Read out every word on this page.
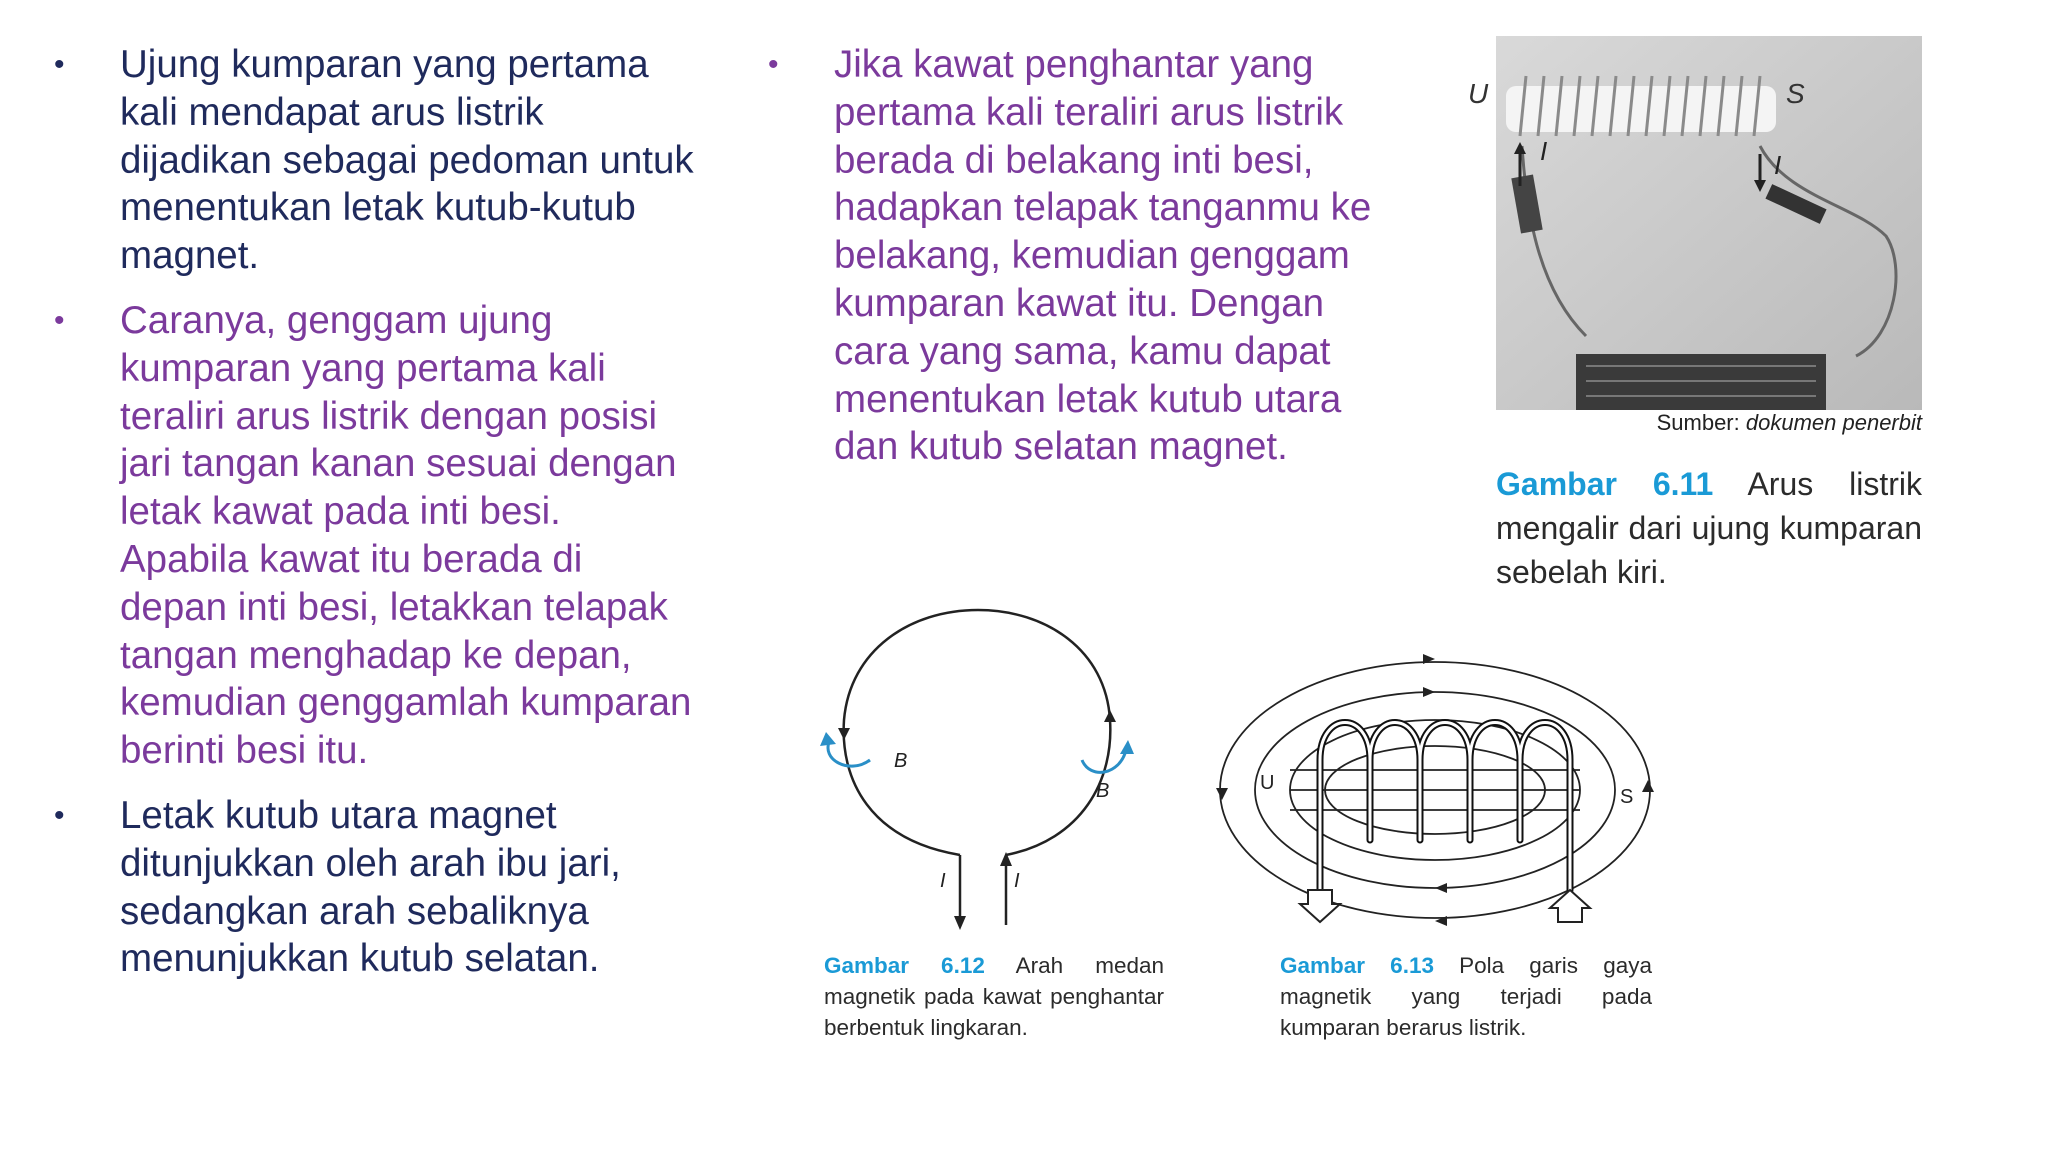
• Ujung kumparan yang pertama kali mendapat arus listrik dijadikan sebagai pedoman untuk menentukan letak kutub-kutub magnet.
• Caranya, genggam ujung kumparan yang pertama kali teraliri arus listrik dengan posisi jari tangan kanan sesuai dengan letak kawat pada inti besi. Apabila kawat itu berada di depan inti besi, letakkan telapak tangan menghadap ke depan, kemudian genggamlah kumparan berinti besi itu.
• Letak kutub utara magnet ditunjukkan oleh arah ibu jari, sedangkan arah sebaliknya menunjukkan kutub selatan.
• Jika kawat penghantar yang pertama kali teraliri arus listrik berada di belakang inti besi, hadapkan telapak tanganmu ke belakang, kemudian genggam kumparan kawat itu. Dengan cara yang sama, kamu dapat menentukan letak kutub utara dan kutub selatan magnet.
U	S
I	I
Sumber: dokumen penerbit
Gambar 6.11 Arus listrik mengalir dari ujung kumparan sebelah kiri.
B
B
I	I
Gambar 6.12 Arah medan magnetik pada kawat penghantar berbentuk lingkaran.
U
S
Gambar 6.13 Pola garis gaya magnetik yang terjadi pada kumparan berarus listrik.
